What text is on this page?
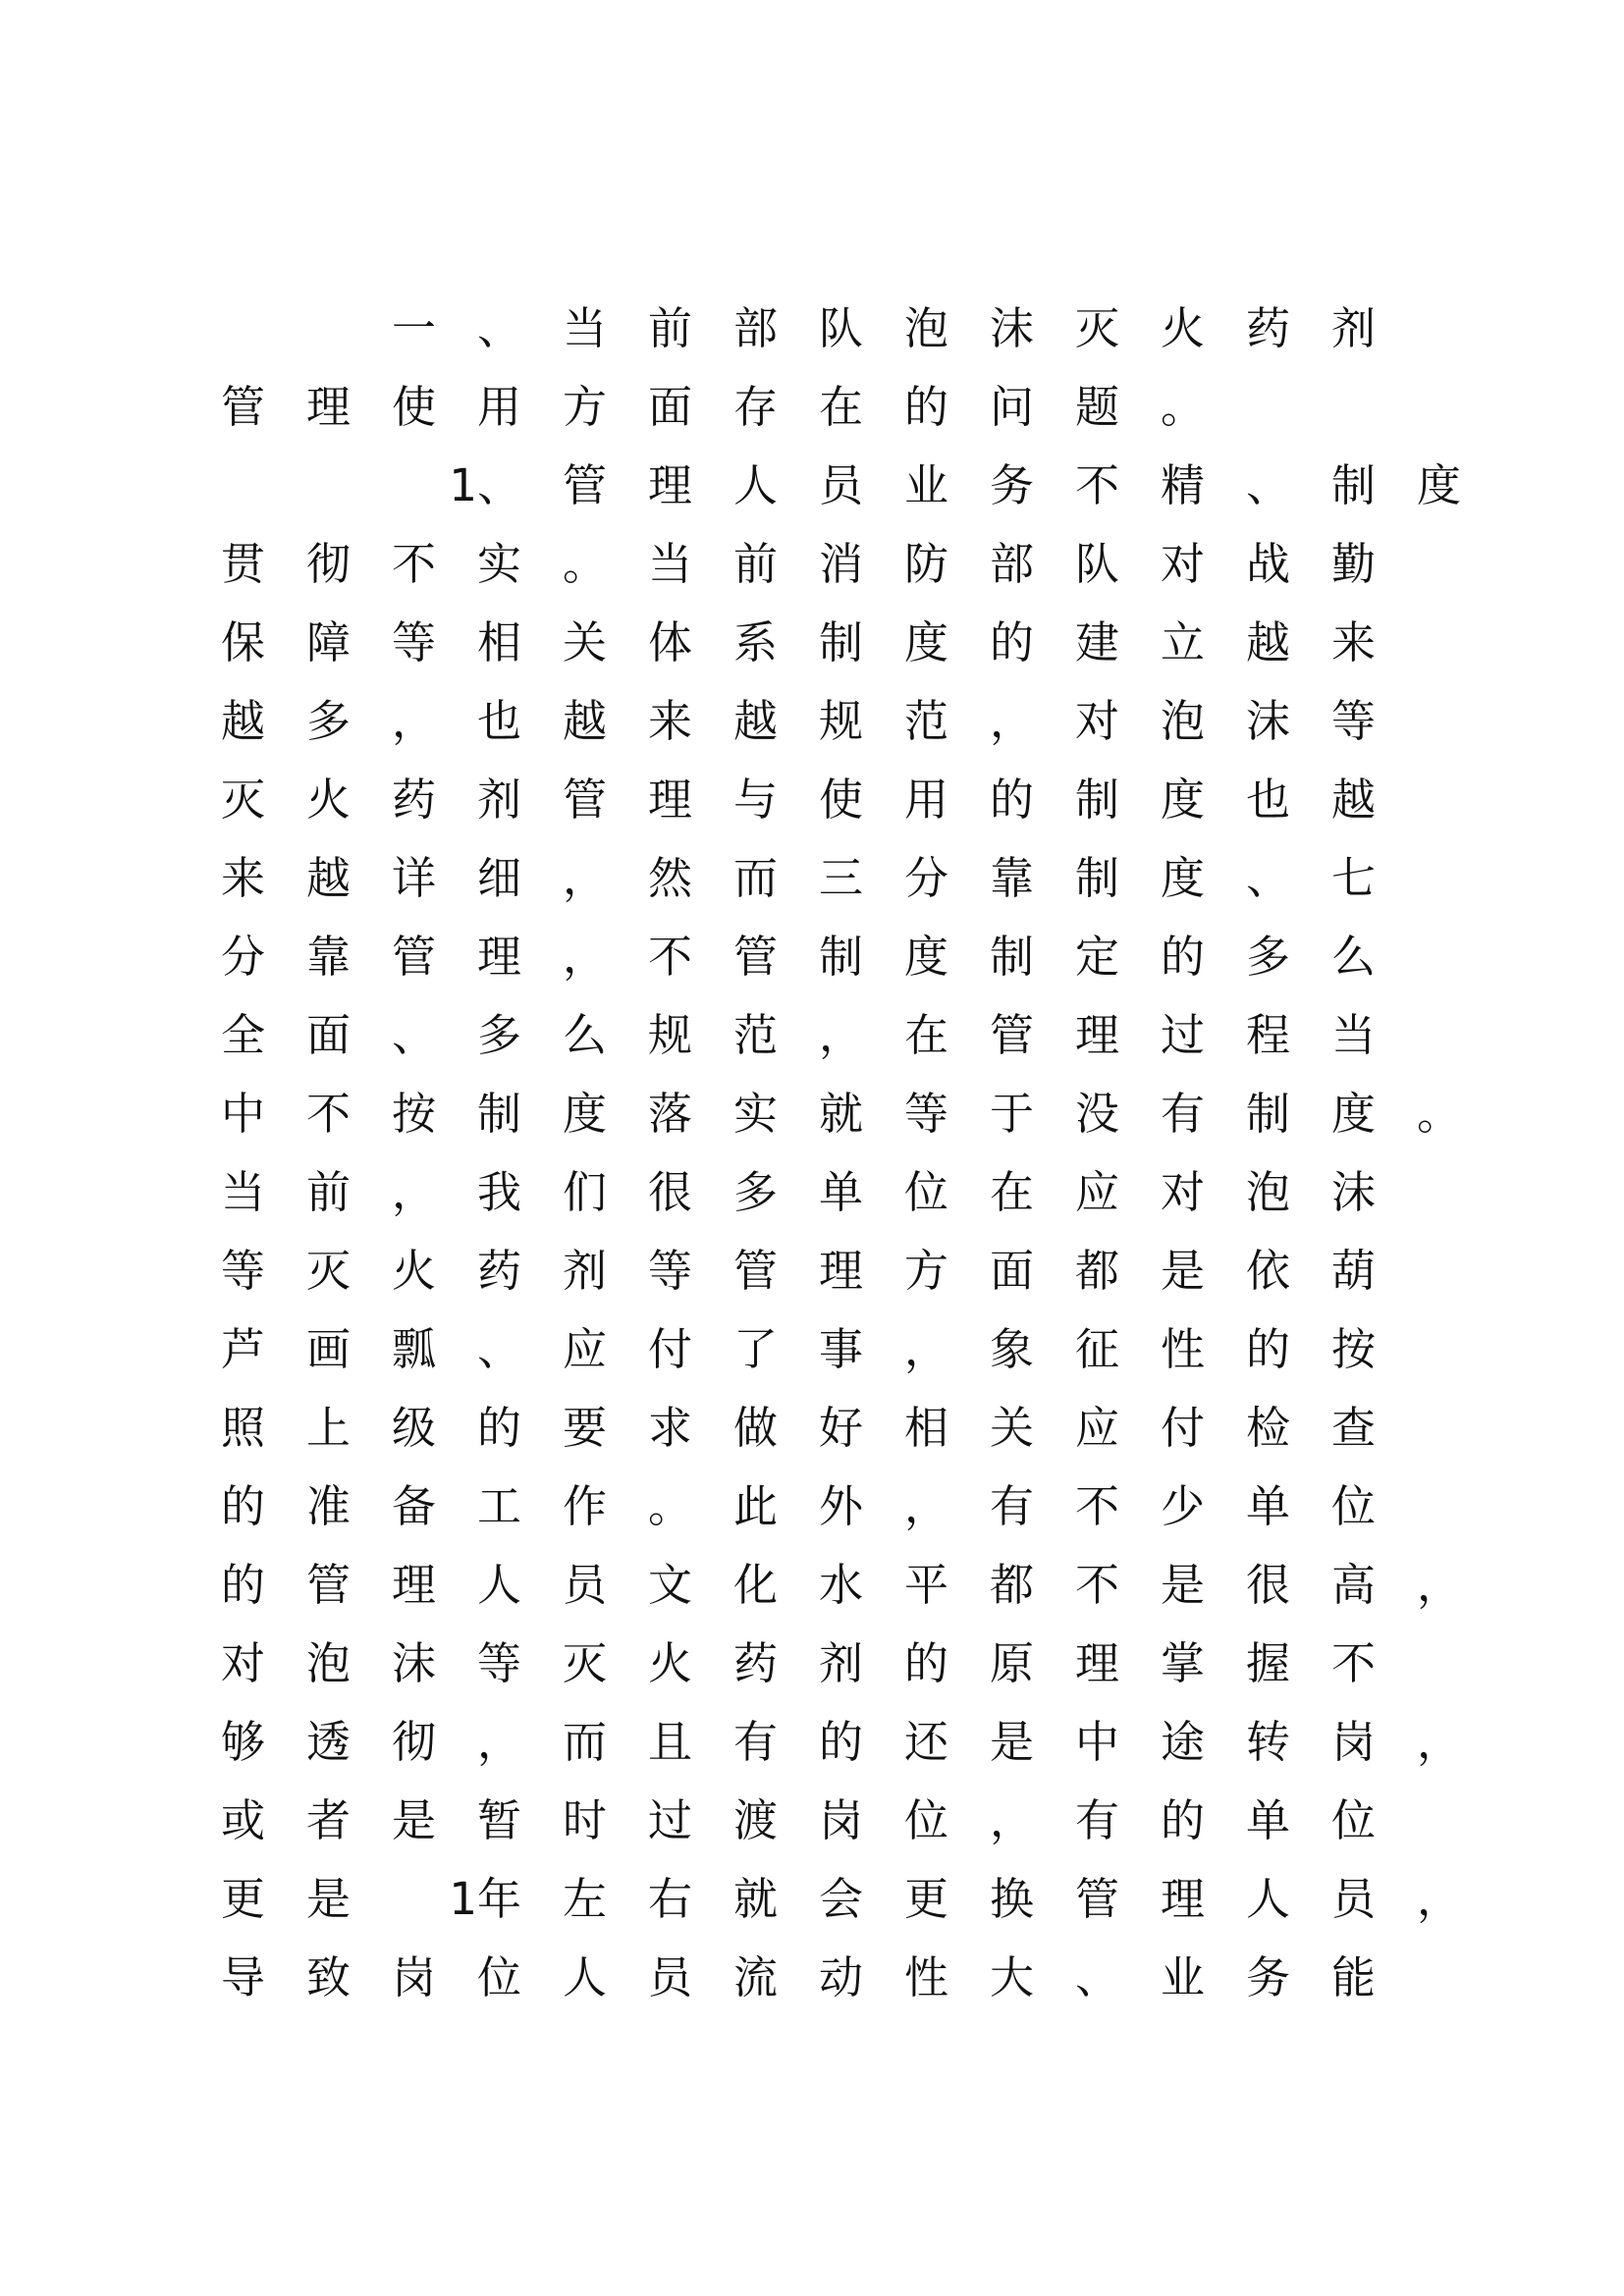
一 、 当 前 部 队 泡 沫 灭 火 药 剂
管 理 使 用 方 面 存 在 的 问 题 。

1 、 管 理 人 员 业 务 不 精 、 制 度
贯 彻 不 实 。 当 前 消 防 部 队 对 战 勤
保 障 等 相 关 体 系 制 度 的 建 立 越 来
越 多 ， 也 越 来 越 规 范 ， 对 泡 沫 等
灭 火 药 剂 管 理 与 使 用 的 制 度 也 越
来 越 详 细 ， 然 而 三 分 靠 制 度 、 七
分 靠 管 理 ， 不 管 制 度 制 定 的 多 么
全 面 、 多 么 规 范 ， 在 管 理 过 程 当
中 不 按 制 度 落 实 就 等 于 没 有 制 度 。
当 前 ， 我 们 很 多 单 位 在 应 对 泡 沫
等 灭 火 药 剂 等 管 理 方 面 都 是 依 葫
芦 画 瓢 、 应 付 了 事 ， 象 征 性 的 按
照 上 级 的 要 求 做 好 相 关 应 付 检 查
的 准 备 工 作 。 此 外 ， 有 不 少 单 位
的 管 理 人 员 文 化 水 平 都 不 是 很 高 ，
对 泡 沫 等 灭 火 药 剂 的 原 理 掌 握 不
够 透 彻 ， 而 且 有 的 还 是 中 途 转 岗 ，
或 者 是 暂 时 过 渡 岗 位 ， 有 的 单 位
更 是	1 年 左 右 就 会 更 换 管 理 人 员 ，
导 致 岗 位 人 员 流 动 性 大 、 业 务 能
